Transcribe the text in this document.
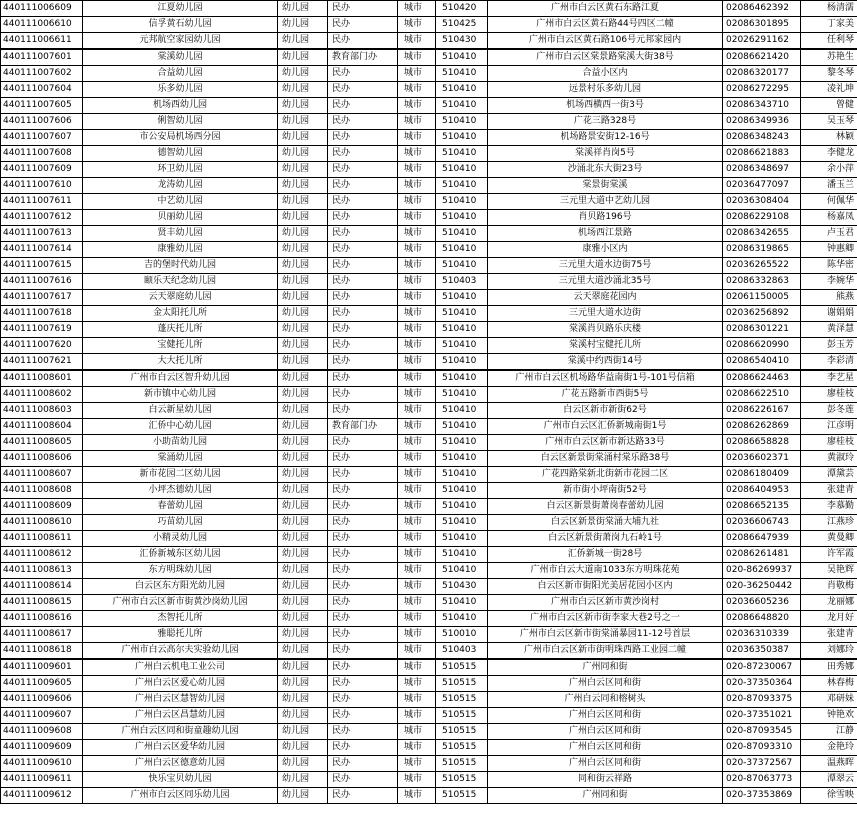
440111006609	江夏幼儿园	幼儿园	民办	城市	510420	广州市白云区黄石东路江夏	02086462392	杨清濡
440111006610	信孚黄石幼儿园	幼儿园	民办	城市	510425	广州市白云区黄石路44号四区二幢	02086301895	丁家美
440111006611	元邦航空家园幼儿园	幼儿园	民办	城市	510430	广州市白云区黄石路106号元邦家园内	02026291162	任利琴
440111007601	棠溪幼儿园	幼儿园	教育部门办	城市	510410	广州市白云区棠景路棠溪大街38号	02086621420	苏艳生
440111007602	合益幼儿园	幼儿园	民办	城市	510410	合益小区内	02086320177	黎冬琴
440111007604	乐多幼儿园	幼儿园	民办	城市	510410	远景村乐多幼儿园	02086272295	凌礼坤
440111007605	机场西幼儿园	幼儿园	民办	城市	510410	机场西横西一街3号	02086343710	曾健
440111007606	俐智幼儿园	幼儿园	民办	城市	510410	广花三路328号	02086349936	吴玉琴
440111007607	市公安局机场西分园	幼儿园	民办	城市	510410	机场路景安街12-16号	02086348243	林颖
440111007608	德智幼儿园	幼儿园	民办	城市	510410	棠溪祥肖岗5号	02086621883	李健龙
440111007609	环卫幼儿园	幼儿园	民办	城市	510410	沙涌北东大街23号	02086348697	余小萍
440111007610	龙涛幼儿园	幼儿园	民办	城市	510410	棠景街棠溪	02036477097	潘玉兰
440111007611	中艺幼儿园	幼儿园	民办	城市	510410	三元里大道中艺幼儿园	02036308404	何佩华
440111007612	贝丽幼儿园	幼儿园	民办	城市	510410	肖贝路196号	02086229108	杨嘉凤
440111007613	贤丰幼儿园	幼儿园	民办	城市	510410	机场西江景路	02086342655	卢玉君
440111007614	康雅幼儿园	幼儿园	民办	城市	510410	康雅小区内	02086319865	钟惠卿
440111007615	吉的堡时代幼儿园	幼儿园	民办	城市	510410	三元里大道水边街75号	02036265522	陈华密
440111007616	颐乐天纪念幼儿园	幼儿园	民办	城市	510403	三元里大道沙涌北35号	02086332863	李婉华
440111007617	云天翠庭幼儿园	幼儿园	民办	城市	510410	云天翠庭花园内	02061150005	熊燕
440111007618	金太阳托儿所	幼儿园	民办	城市	510410	三元里大道水边街	02036256892	谢娟娟
440111007619	蓬庆托儿所	幼儿园	民办	城市	510410	棠溪肖贝路乐庆楼	02086301221	黄泽慧
440111007620	宝健托儿所	幼儿园	民办	城市	510410	棠溪村宝健托儿所	02086620990	彭玉芳
440111007621	大大托儿所	幼儿园	民办	城市	510410	棠溪中约西街14号	02086540410	李彩清
440111008601	广州市白云区智升幼儿园	幼儿园	民办	城市	510410	广州市白云区机场路华益南街1号-101号信箱	02086624463	李艺星
440111008602	新市镇中心幼儿园	幼儿园	民办	城市	510410	广花五路新市西街5号	02086622510	廖桂枝
440111008603	白云新星幼儿园	幼儿园	民办	城市	510410	白云区新市新街62号	02086226167	彭冬莲
440111008604	汇侨中心幼儿园	幼儿园	教育部门办	城市	510410	广州市白云区汇侨新城南街1号	02086262869	江彦明
440111008605	小助苗幼儿园	幼儿园	民办	城市	510410	广州市白云区新市新达路33号	02086658828	廖桂枝
440111008606	棠涌幼儿园	幼儿园	民办	城市	510410	白云区新景街棠涌村棠乐路38号	02036602371	黄淑玲
440111008607	新市花园二区幼儿园	幼儿园	民办	城市	510410	广花四路棠新北街新市花园二区	02086180409	潭黛芸
440111008608	小坪杰德幼儿园	幼儿园	民办	城市	510410	新市街小坪南街52号	02086404953	张建青
440111008609	春蕾幼儿园	幼儿园	民办	城市	510410	白云区新景街萧岗春蕾幼儿园	02086652135	李慕勤
440111008610	巧苗幼儿园	幼儿园	民办	城市	510410	白云区新景街棠涌大埔九社	02036606743	江燕珍
440111008611	小精灵幼儿园	幼儿园	民办	城市	510410	白云区新景街萧岗九石岭1号	02086647939	黄曼卿
440111008612	汇侨新城东区幼儿园	幼儿园	民办	城市	510410	汇侨新城一街28号	02086261481	许军霞
440111008613	东方明珠幼儿园	幼儿园	民办	城市	510410	广州市白云大道南1033东方明珠花苑	020-86269937	吴艳辉
440111008614	白云区东方阳光幼儿园	幼儿园	民办	城市	510430	白云区新市街阳光美居花园小区内	020-36250442	肖敬梅
440111008615	广州市白云区新市街黄沙岗幼儿园	幼儿园	民办	城市	510410	广州市白云区新市黄沙岗村	02036605236	龙丽娜
440111008616	杰智托儿所	幼儿园	民办	城市	510410	广州市白云区新市街李家大巷2号之一	02086648820	龙月好
440111008617	雅聪托儿所	幼儿园	民办	城市	510010	广州市白云区新市街棠涌暴园11-12号首层	02036310339	张建青
440111008618	广州市白云高尔夫实验幼儿园	幼儿园	民办	城市	510403	广州市白云区新市街明珠西路工业园二幢	02036350387	刘娜玲
440111009601	广州白云机电工业公司	幼儿园	民办	城市	510515	广州同和街	020-87230067	田秀娜
440111009605	广州白云区爱心幼儿园	幼儿园	民办	城市	510515	广州白云区同和街	020-37350364	林春梅
440111009606	广州白云区慧智幼儿园	幼儿园	民办	城市	510515	广州白云同和榕树头	020-87093375	邓研妹
440111009607	广州白云区昌慧幼儿园	幼儿园	民办	城市	510515	广州白云区同和街	020-37351021	钟艳欢
440111009608	广州白云区同和街童趣幼儿园	幼儿园	民办	城市	510515	广州白云区同和街	020-87093545	江静
440111009609	广州白云区爱华幼儿园	幼儿园	民办	城市	510515	广州白云区同和街	020-87093310	金艳玲
440111009610	广州白云区德意幼儿园	幼儿园	民办	城市	510515	广州白云区同和街	020-37372567	温燕晖
440111009611	快乐宝贝幼儿园	幼儿园	民办	城市	510515	同和街云祥路	020-87063773	潭翠云
440111009612	广州市白云区同乐幼儿园	幼儿园	民办	城市	510515	广州同和街	020-37353869	徐雪映
